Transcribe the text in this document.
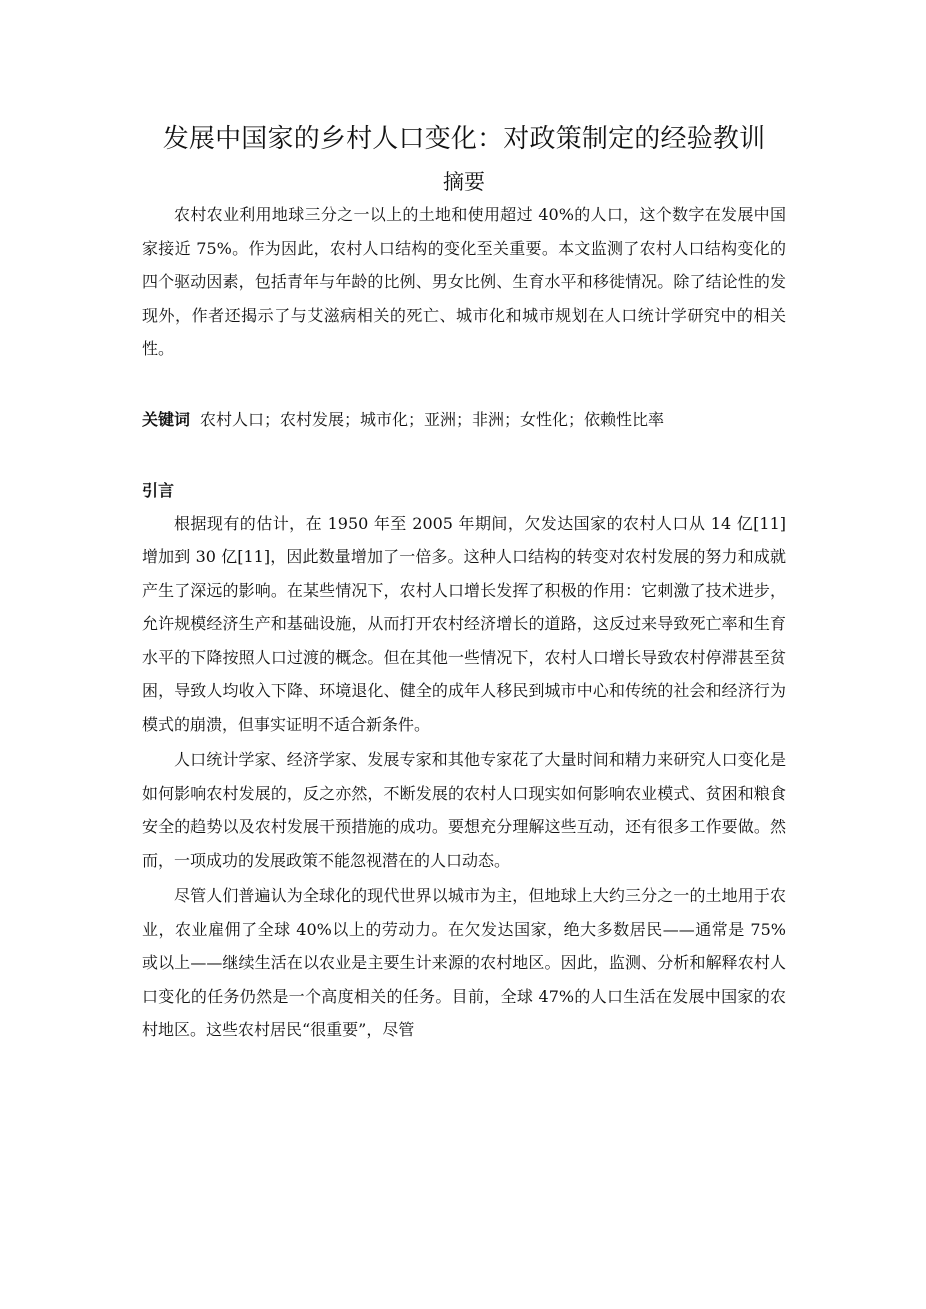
发展中国家的乡村人口变化：对政策制定的经验教训
摘要

农村农业利用地球三分之一以上的土地和使用超过 40%的人口，这个数字在发展中国家接近 75%。作为因此，农村人口结构的变化至关重要。本文监测了农村人口结构变化的四个驱动因素，包括青年与年龄的比例、男女比例、生育水平和移徙情况。除了结论性的发现外，作者还揭示了与艾滋病相关的死亡、城市化和城市规划在人口统计学研究中的相关性。

关键词 农村人口；农村发展；城市化；亚洲；非洲；女性化；依赖性比率
引言

根据现有的估计，在 1950 年至 2005 年期间，欠发达国家的农村人口从 14 亿[11]增加到 30 亿[11]，因此数量增加了一倍多。这种人口结构的转变对农村发展的努力和成就产生了深远的影响。在某些情况下，农村人口增长发挥了积极的作用：它刺激了技术进步，允许规模经济生产和基础设施，从而打开农村经济增长的道路，这反过来导致死亡率和生育水平的下降按照人口过渡的概念。但在其他一些情况下，农村人口增长导致农村停滞甚至贫困，导致人均收入下降、环境退化、健全的成年人移民到城市中心和传统的社会和经济行为模式的崩溃，但事实证明不适合新条件。

人口统计学家、经济学家、发展专家和其他专家花了大量时间和精力来研究人口变化是如何影响农村发展的，反之亦然，不断发展的农村人口现实如何影响农业模式、贫困和粮食安全的趋势以及农村发展干预措施的成功。要想充分理解这些互动，还有很多工作要做。然而，一项成功的发展政策不能忽视潜在的人口动态。

尽管人们普遍认为全球化的现代世界以城市为主，但地球上大约三分之一的土地用于农业，农业雇佣了全球 40%以上的劳动力。在欠发达国家，绝大多数居民——通常是 75% 或以上——继续生活在以农业是主要生计来源的农村地区。因此，监测、分析和解释农村人口变化的任务仍然是一个高度相关的任务。目前，全球 47%的人口生活在发展中国家的农村地区。这些农村居民“很重要”，尽管
